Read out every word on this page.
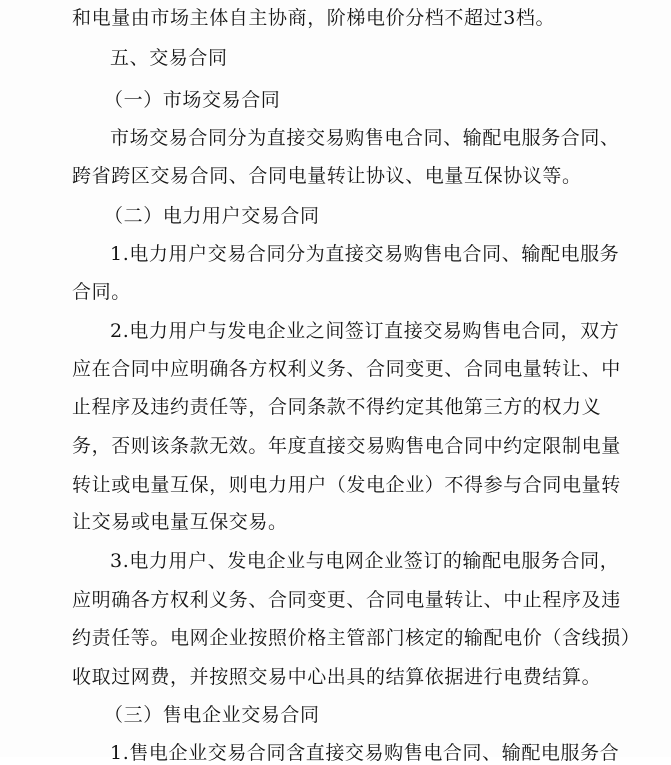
和电量由市场主体自主协商，阶梯电价分档不超过3档。
五、交易合同
（一）市场交易合同
市场交易合同分为直接交易购售电合同、输配电服务合同、
跨省跨区交易合同、合同电量转让协议、电量互保协议等。
（二）电力用户交易合同
1.电力用户交易合同分为直接交易购售电合同、输配电服务
合同。
2.电力用户与发电企业之间签订直接交易购售电合同，双方
应在合同中应明确各方权利义务、合同变更、合同电量转让、中
止程序及违约责任等，合同条款不得约定其他第三方的权力义
务，否则该条款无效。年度直接交易购售电合同中约定限制电量
转让或电量互保，则电力用户（发电企业）不得参与合同电量转
让交易或电量互保交易。
3.电力用户、发电企业与电网企业签订的输配电服务合同，
应明确各方权利义务、合同变更、合同电量转让、中止程序及违
约责任等。电网企业按照价格主管部门核定的输配电价（含线损）
收取过网费，并按照交易中心出具的结算依据进行电费结算。
（三）售电企业交易合同
1.售电企业交易合同含直接交易购售电合同、输配电服务合
